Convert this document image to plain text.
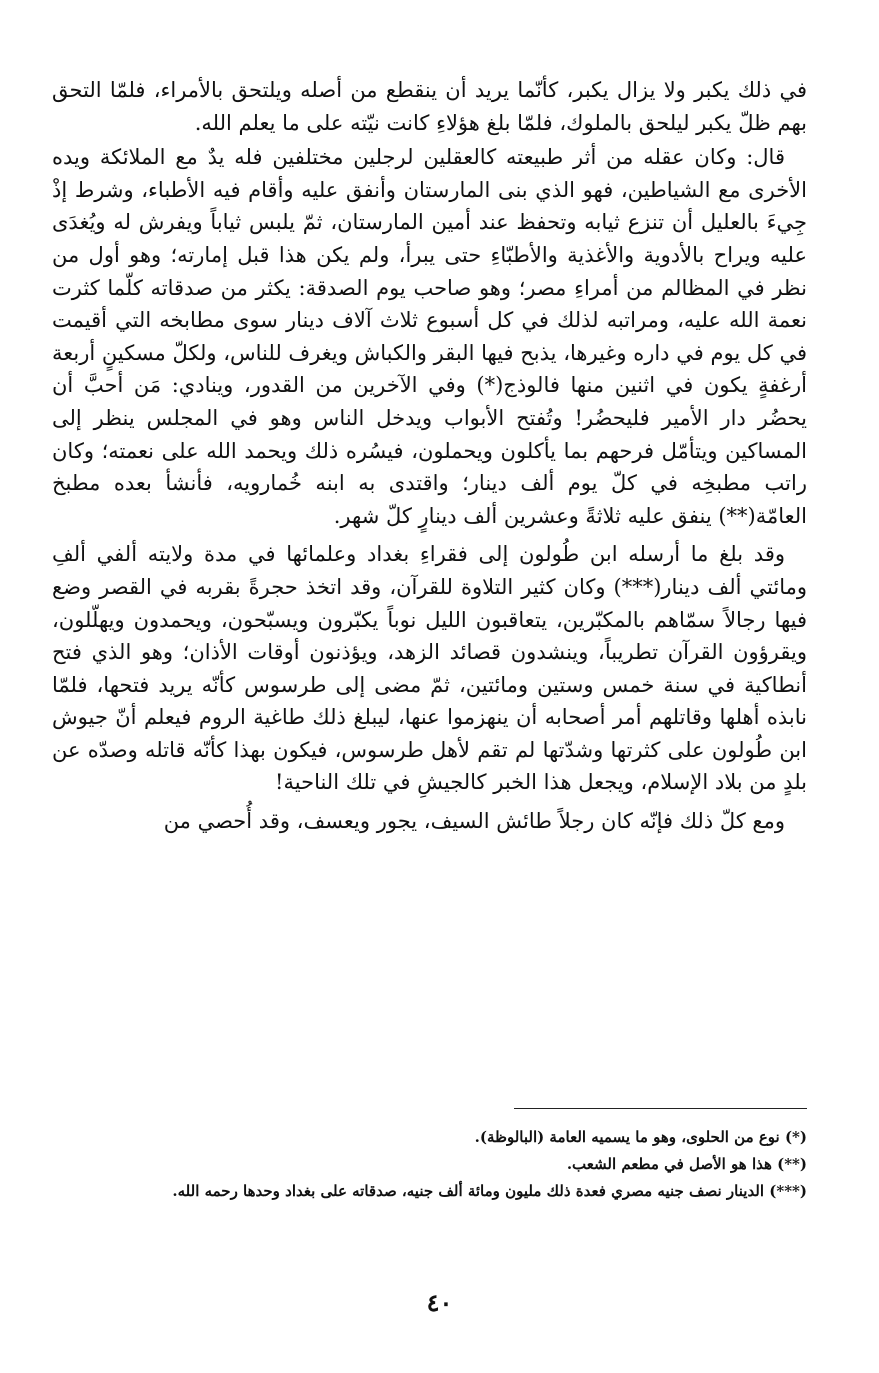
في ذلك يكبر ولا يزال يكبر، كأنّما يريد أن ينقطع من أصله ويلتحق بالأمراء، فلمّا التحق بهم ظلّ يكبر ليلحق بالملوك، فلمّا بلغ هؤلاءِ كانت نيّته على ما يعلم الله.

قال: وكان عقله من أثر طبيعته كالعقلين لرجلين مختلفين فله يدٌ مع الملائكة ويده الأخرى مع الشياطين، فهو الذي بنى المارستان وأنفق عليه وأقام فيه الأطباء، وشرط إذْ جِيءَ بالعليل أن تنزع ثيابه وتحفظ عند أمين المارستان، ثمّ يلبس ثياباً ويفرش له ويُغدَى عليه ويراح بالأدوية والأغذية والأطبّاءِ حتى يبرأ، ولم يكن هذا قبل إمارته؛ وهو أول من نظر في المظالم من أمراءِ مصر؛ وهو صاحب يوم الصدقة: يكثر من صدقاته كلّما كثرت نعمة الله عليه، ومراتبه لذلك في كل أسبوع ثلاث آلاف دينار سوى مطابخه التي أقيمت في كل يوم في داره وغيرها، يذبح فيها البقر والكباش ويغرف للناس، ولكلّ مسكينٍ أربعة أرغفةٍ يكون في اثنين منها فالوذج(*) وفي الآخرين من القدور، وينادي: مَن أحبَّ أن يحضُر دار الأمير فليحضُر! وتُفتح الأبواب ويدخل الناس وهو في المجلس ينظر إلى المساكين ويتأمّل فرحهم بما يأكلون ويحملون، فيسُره ذلك ويحمد الله على نعمته؛ وكان راتب مطبخِه في كلّ يوم ألف دينار؛ واقتدى به ابنه خُمارويه، فأنشأ بعده مطبخ العامّة(**) ينفق عليه ثلاثةً وعشرين ألف دينارٍ كلّ شهر.

وقد بلغ ما أرسله ابن طُولون إلى فقراءِ بغداد وعلمائها في مدة ولايته ألفي ألفِ ومائتي ألف دينار(***) وكان كثير التلاوة للقرآن، وقد اتخذ حجرةً بقربه في القصر وضع فيها رجالاً سمّاهم بالمكبّرين، يتعاقبون الليل نوباً يكبّرون ويسبّحون، ويحمدون ويهلّلون، ويقرؤون القرآن تطريباً، وينشدون قصائد الزهد، ويؤذنون أوقات الأذان؛ وهو الذي فتح أنطاكية في سنة خمس وستين ومائتين، ثمّ مضى إلى طرسوس كأنّه يريد فتحها، فلمّا نابذه أهلها وقاتلهم أمر أصحابه أن ينهزموا عنها، ليبلغ ذلك طاغية الروم فيعلم أنّ جيوش ابن طُولون على كثرتها وشدّتها لم تقم لأهل طرسوس، فيكون بهذا كأنّه قاتله وصدّه عن بلدٍ من بلاد الإسلام، ويجعل هذا الخبر كالجيشِ في تلك الناحية!

ومع كلّ ذلك فإنّه كان رجلاً طائش السيف، يجور ويعسف، وقد أُحصي من

(*) نوع من الحلوى، وهو ما يسميه العامة (البالوظة).

(**) هذا هو الأصل في مطعم الشعب.

(***) الدينار نصف جنيه مصري فعدة ذلك مليون ومائة ألف جنيه، صدقاته على بغداد وحدها رحمه الله.

٤٠
